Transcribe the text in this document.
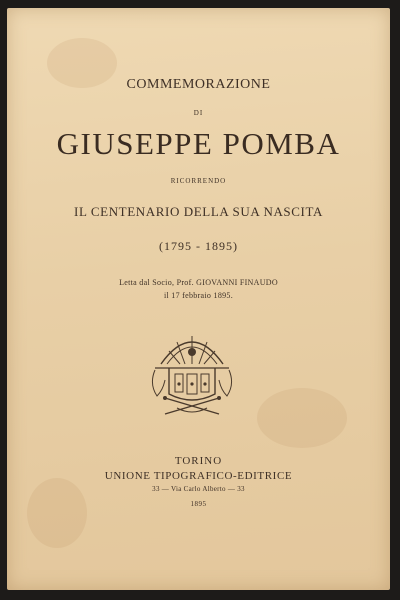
COMMEMORAZIONE
DI
GIUSEPPE POMBA
RICORRENDO
IL CENTENARIO DELLA SUA NASCITA
(1795 - 1895)
Letta dal Socio, Prof. GIOVANNI FINAUDO
il 17 febbraio 1895.
TORINO
UNIONE TIPOGRAFICO-EDITRICE
33 — Via Carlo Alberto — 33
1895
